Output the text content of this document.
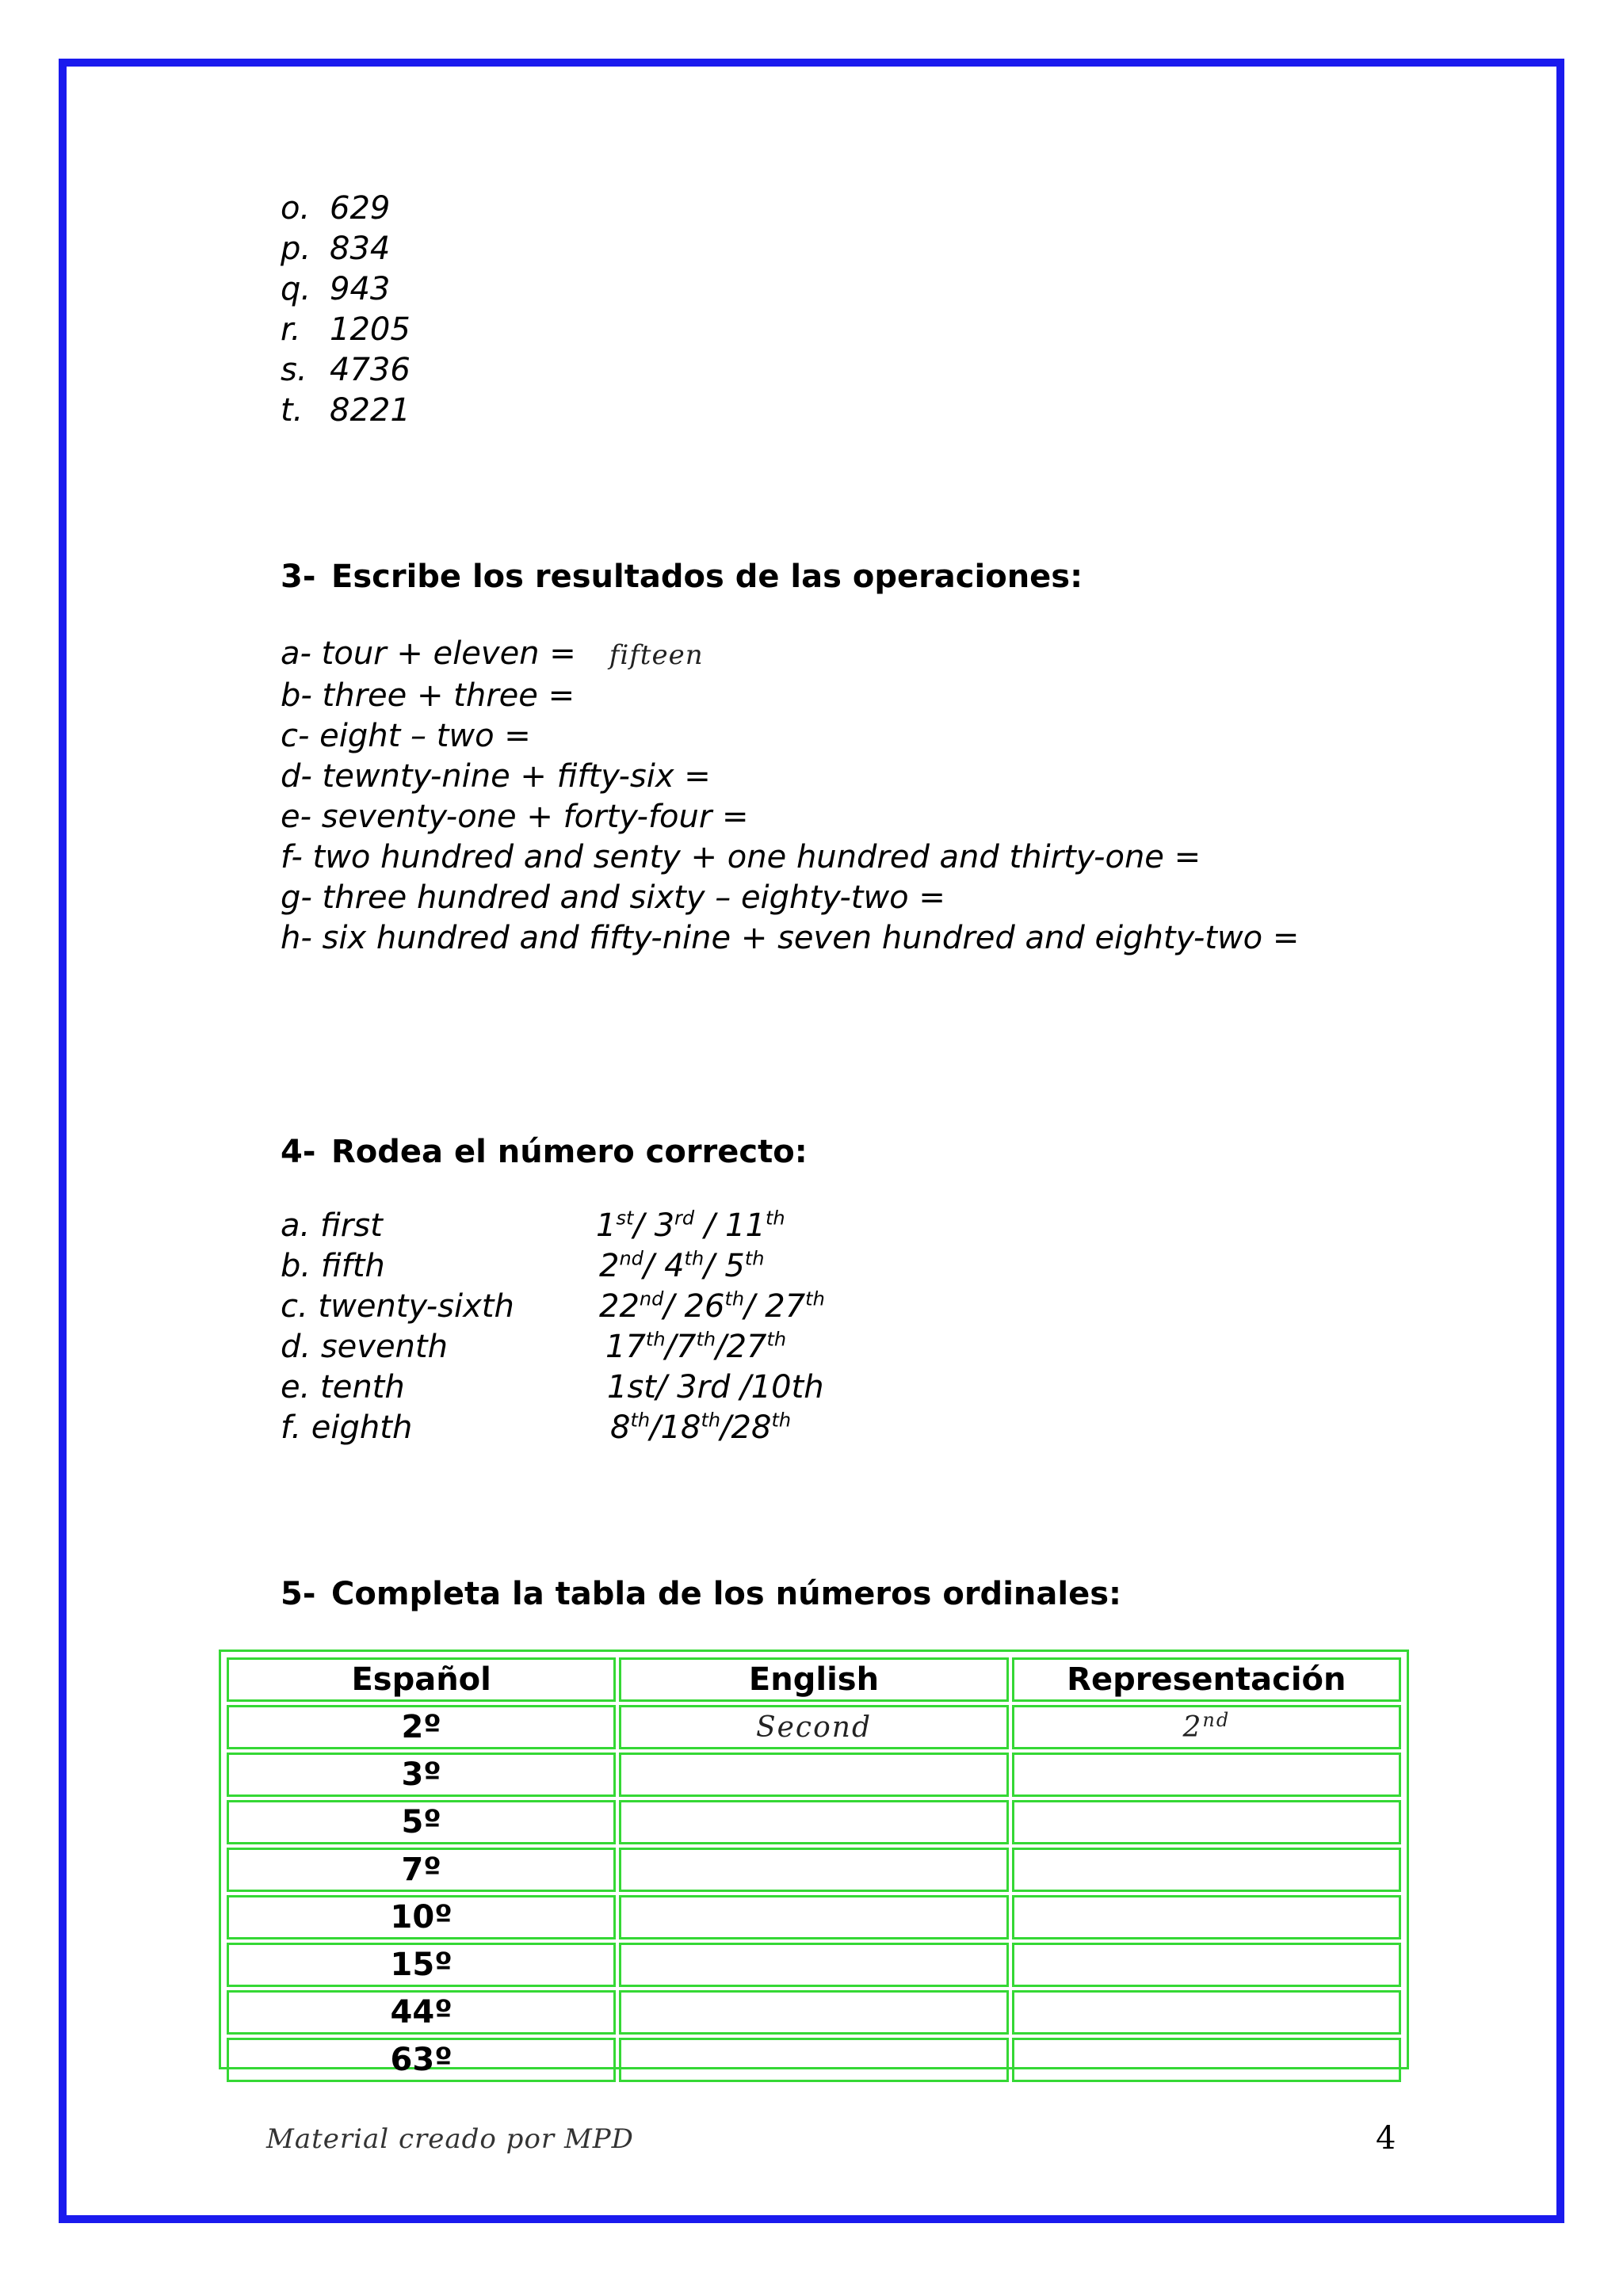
o. 629
p. 834
q. 943
r. 1205
s. 4736
t. 8221
3- Escribe los resultados de las operaciones:
a- tour + eleven = fifteen
b- three + three =
c- eight – two =
d- tewnty-nine + fifty-six =
e- seventy-one + forty-four =
f- two hundred and senty + one hundred and thirty-one =
g- three hundred and sixty – eighty-two =
h- six hundred and fifty-nine + seven hundred and eighty-two =
4- Rodea el número correcto:
a. first	1st/ 3rd / 11th
b. fifth	2nd/ 4th/ 5th
c. twenty-sixth	22nd/ 26th/ 27th
d. seventh	17th/7th/27th
e. tenth	1st/ 3rd /10th
f. eighth	8th/18th/28th
5- Completa la tabla de los números ordinales:
Español	English	Representación
2º	Second	2nd
3º		
5º		
7º		
10º		
15º		
44º		
63º		
Material creado por MPD	4
